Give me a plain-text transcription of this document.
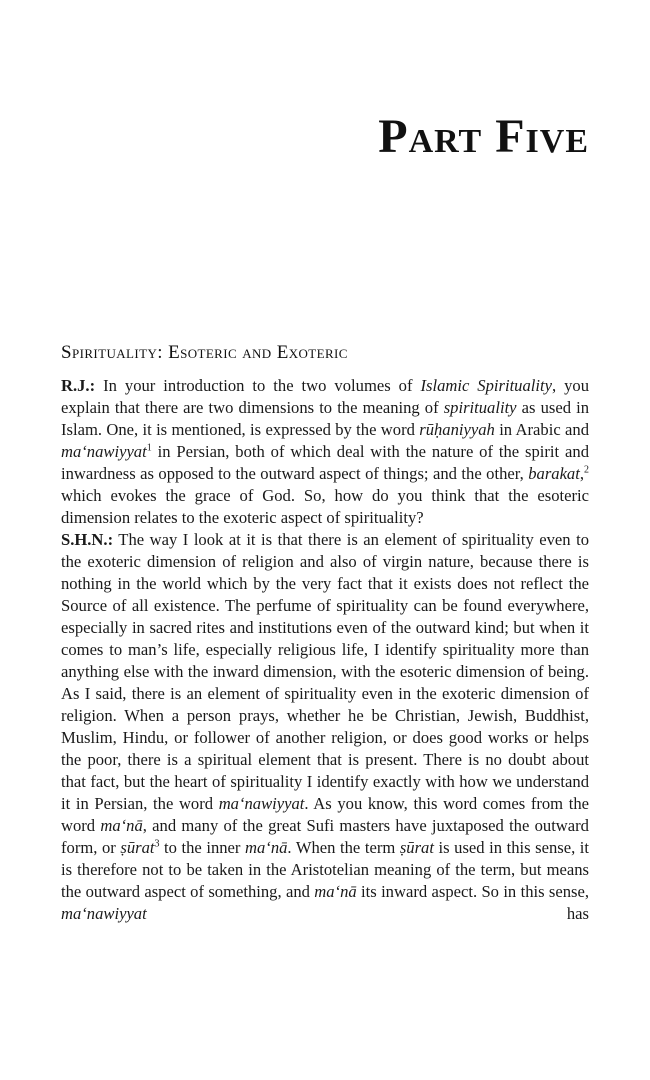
Part Five
Spirituality: Esoteric and Exoteric

R.J.: In your introduction to the two volumes of Islamic Spirituality, you explain that there are two dimensions to the meaning of spirituality as used in Islam. One, it is mentioned, is expressed by the word rūḥaniyyah in Arabic and ma‘nawiyyat$^1$ in Persian, both of which deal with the nature of the spirit and inwardness as opposed to the outward aspect of things; and the other, barakat,$^2$ which evokes the grace of God. So, how do you think that the esoteric dimension relates to the exoteric aspect of spirituality?

S.H.N.: The way I look at it is that there is an element of spirituality even to the exoteric dimension of religion and also of virgin nature, because there is nothing in the world which by the very fact that it exists does not reflect the Source of all existence. The perfume of spirituality can be found everywhere, especially in sacred rites and institutions even of the outward kind; but when it comes to man’s life, especially religious life, I identify spirituality more than anything else with the inward dimension, with the esoteric dimension of being. As I said, there is an element of spirituality even in the exoteric dimension of religion. When a person prays, whether he be Christian, Jewish, Buddhist, Muslim, Hindu, or follower of another religion, or does good works or helps the poor, there is a spiritual element that is present. There is no doubt about that fact, but the heart of spirituality I identify exactly with how we understand it in Persian, the word ma‘nawiyyat. As you know, this word comes from the word ma‘nā, and many of the great Sufi masters have juxtaposed the outward form, or ṣūrat$^3$ to the inner ma‘nā. When the term ṣūrat is used in this sense, it is therefore not to be taken in the Aristotelian meaning of the term, but means the outward aspect of something, and ma‘nā its inward aspect. So in this sense, ma‘nawiyyat has
